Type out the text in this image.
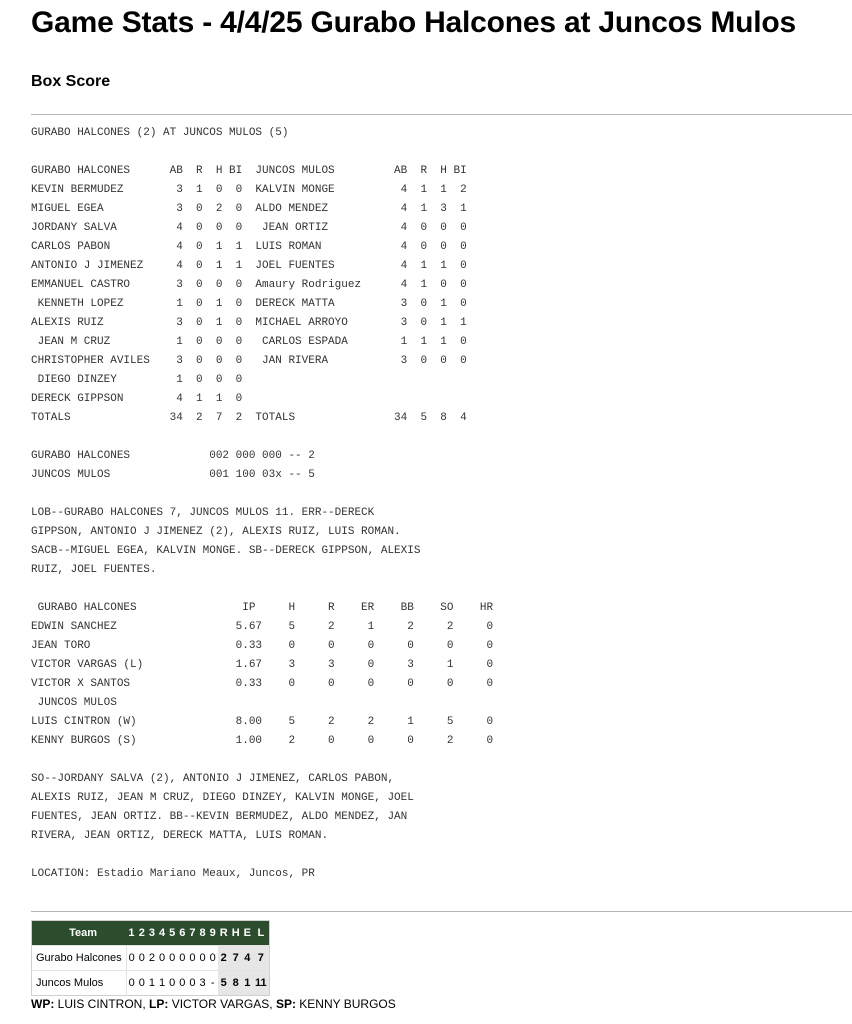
Game Stats - 4/4/25 Gurabo Halcones at Juncos Mulos
Box Score
GURABO HALCONES (2) AT JUNCOS MULOS (5)

GURABO HALCONES      AB  R  H BI  JUNCOS MULOS         AB  R  H BI
KEVIN BERMUDEZ        3  1  0  0  KALVIN MONGE          4  1  1  2
MIGUEL EGEA           3  0  2  0  ALDO MENDEZ           4  1  3  1
JORDANY SALVA         4  0  0  0   JEAN ORTIZ           4  0  0  0
CARLOS PABON          4  0  1  1  LUIS ROMAN            4  0  0  0
ANTONIO J JIMENEZ     4  0  1  1  JOEL FUENTES          4  1  1  0
EMMANUEL CASTRO       3  0  0  0  Amaury Rodriguez      4  1  0  0
KENNETH LOPEZ        1  0  1  0  DERECK MATTA          3  0  1  0
ALEXIS RUIZ           3  0  1  0  MICHAEL ARROYO        3  0  1  1
JEAN M CRUZ          1  0  0  0   CARLOS ESPADA        1  1  1  0
CHRISTOPHER AVILES    3  0  0  0   JAN RIVERA           3  0  0  0
DIEGO DINZEY         1  0  0  0
DERECK GIPPSON        4  1  1  0
TOTALS               34  2  7  2  TOTALS               34  5  8  4

GURABO HALCONES            002 000 000 -- 2
JUNCOS MULOS               001 100 03x -- 5

LOB--GURABO HALCONES 7, JUNCOS MULOS 11. ERR--DERECK
GIPPSON, ANTONIO J JIMENEZ (2), ALEXIS RUIZ, LUIS ROMAN.
SACB--MIGUEL EGEA, KALVIN MONGE. SB--DERECK GIPPSON, ALEXIS
RUIZ, JOEL FUENTES.

GURABO HALCONES                IP     H     R    ER    BB    SO    HR
EDWIN SANCHEZ                  5.67    5     2     1     2     2     0
JEAN TORO                      0.33    0     0     0     0     0     0
VICTOR VARGAS (L)              1.67    3     3     0     3     1     0
VICTOR X SANTOS                0.33    0     0     0     0     0     0
JUNCOS MULOS
LUIS CINTRON (W)               8.00    5     2     2     1     5     0
KENNY BURGOS (S)               1.00    2     0     0     0     2     0

SO--JORDANY SALVA (2), ANTONIO J JIMENEZ, CARLOS PABON,
ALEXIS RUIZ, JEAN M CRUZ, DIEGO DINZEY, KALVIN MONGE, JOEL
FUENTES, JEAN ORTIZ. BB--KEVIN BERMUDEZ, ALDO MENDEZ, JAN
RIVERA, JEAN ORTIZ, DERECK MATTA, LUIS ROMAN.

LOCATION: Estadio Mariano Meaux, Juncos, PR

Team	1	2	3	4	5	6	7	8	9	R	H	E	L
Gurabo Halcones	0	0	2	0	0	0	0	0	0	2	7	4	7
Juncos Mulos	0	0	1	1	0	0	0	3	-	5	8	1	11
WP: LUIS CINTRON, LP: VICTOR VARGAS, SP: KENNY BURGOS
